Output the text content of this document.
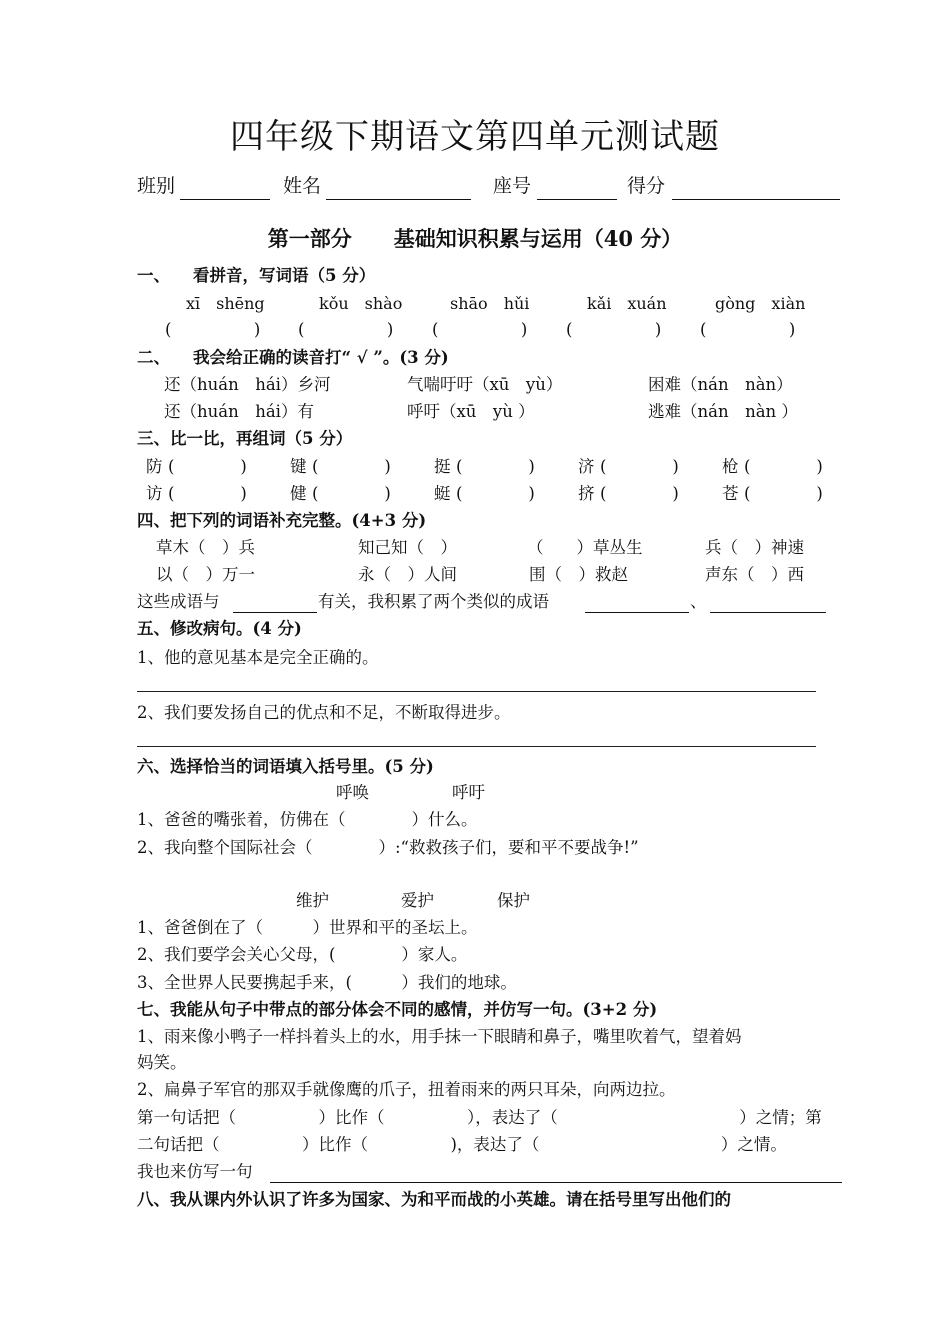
四年级下期语文第四单元测试题
班别	姓名	座号	得分
第一部分　　基础知识积累与运用（40 分）
一、 看拼音，写词语（5 分）
xī　shēng	kǒu　shào	shāo　hǔi	kǎi　xuán	gòng　xiàn
(　　　　　) (　　　　　) (　　　　　) (　　　　　) (　　　　　)
二、 我会给正确的读音打“ √ ”。(3 分)
还（huán　hái）乡河	气喘吁吁（xū　yù）	困难（nán　nàn）
还（huán　hái）有	呼吁（xū　yù ）	逃难（nán　nàn ）
三、比一比，再组词（5 分）
防 (　　　　)	键 (　　　　)	挺 (　　　　)	济 (　　　　)	枪 (　　　　)
访 (　　　　)	健 (　　　　)	蜓 (　　　　)	挤 (　　　　)	苍 (　　　　)
四、把下列的词语补充完整。(4+3 分)
草木（　）兵	知己知（　）	（　　）草丛生	兵（　）神速
以（　）万一	永（　）人间	围（　）救赵	声东（　）西
这些成语与	有关，我积累了两个类似的成语	、
五、修改病句。(4 分)
1、他的意见基本是完全正确的。
2、我们要发扬自己的优点和不足，不断取得进步。
六、选择恰当的词语填入括号里。(5 分)
呼唤	呼吁
1、爸爸的嘴张着，仿佛在（　　　　）什么。
2、我向整个国际社会（　　　　）:“救救孩子们，要和平不要战争!”
维护	爱护	保护
1、爸爸倒在了（　　　）世界和平的圣坛上。
2、我们要学会关心父母，(　　　　）家人。
3、全世界人民要携起手来，(　　　）我们的地球。
七、我能从句子中带点的部分体会不同的感情，并仿写一句。(3+2 分)
1、雨来像小鸭子一样抖着头上的水，用手抹一下眼睛和鼻子，嘴里吹着气，望着妈
妈笑。
2、扁鼻子军官的那双手就像鹰的爪子，扭着雨来的两只耳朵，向两边拉。
第一句话把（　　　　　）比作（　　　　　），表达了（　　　　　　　　　　　）之情；第
二句话把（　　　　　）比作（　　　　　)，表达了（　　　　　　　　　　　）之情。
我也来仿写一句
八、我从课内外认识了许多为国家、为和平而战的小英雄。请在括号里写出他们的
